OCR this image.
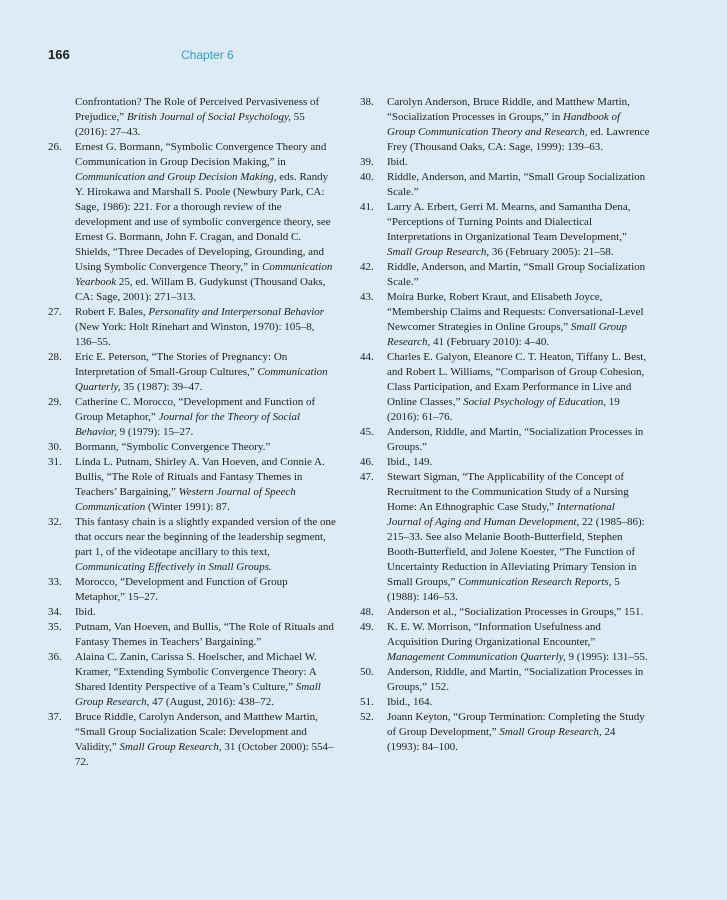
166	Chapter 6

Confrontation? The Role of Perceived Pervasiveness of Prejudice,” British Journal of Social Psychology, 55 (2016): 27–43.

26. Ernest G. Bormann, “Symbolic Convergence Theory and Communication in Group Decision Making,” in Communication and Group Decision Making, eds. Randy Y. Hirokawa and Marshall S. Poole (Newbury Park, CA: Sage, 1986): 221. For a thorough review of the development and use of symbolic convergence theory, see Ernest G. Bormann, John F. Cragan, and Donald C. Shields, “Three Decades of Developing, Grounding, and Using Symbolic Convergence Theory,” in Communication Yearbook 25, ed. Willam B. Gudykunst (Thousand Oaks, CA: Sage, 2001): 271–313.

27. Robert F. Bales, Personality and Interpersonal Behavior (New York: Holt Rinehart and Winston, 1970): 105–8, 136–55.

28. Eric E. Peterson, “The Stories of Pregnancy: On Interpretation of Small-Group Cultures,” Communication Quarterly, 35 (1987): 39–47.

29. Catherine C. Morocco, “Development and Function of Group Metaphor,” Journal for the Theory of Social Behavior, 9 (1979): 15–27.

30. Bormann, “Symbolic Convergence Theory.”

31. Linda L. Putnam, Shirley A. Van Hoeven, and Connie A. Bullis, “The Role of Rituals and Fantasy Themes in Teachers’ Bargaining,” Western Journal of Speech Communication (Winter 1991): 87.

32. This fantasy chain is a slightly expanded version of the one that occurs near the beginning of the leadership segment, part 1, of the videotape ancillary to this text, Communicating Effectively in Small Groups.

33. Morocco, “Development and Function of Group Metaphor,” 15–27.

34. Ibid.

35. Putnam, Van Hoeven, and Bullis, “The Role of Rituals and Fantasy Themes in Teachers’ Bargaining.”

36. Alaina C. Zanin, Carissa S. Hoelscher, and Michael W. Kramer, “Extending Symbolic Convergence Theory: A Shared Identity Perspective of a Team’s Culture,” Small Group Research, 47 (August, 2016): 438–72.

37. Bruce Riddle, Carolyn Anderson, and Matthew Martin, “Small Group Socialization Scale: Development and Validity,” Small Group Research, 31 (October 2000): 554–72.

38. Carolyn Anderson, Bruce Riddle, and Matthew Martin, “Socialization Processes in Groups,” in Handbook of Group Communication Theory and Research, ed. Lawrence Frey (Thousand Oaks, CA: Sage, 1999): 139–63.

39. Ibid.

40. Riddle, Anderson, and Martin, “Small Group Socialization Scale.”

41. Larry A. Erbert, Gerri M. Mearns, and Samantha Dena, “Perceptions of Turning Points and Dialectical Interpretations in Organizational Team Development,” Small Group Research, 36 (February 2005): 21–58.

42. Riddle, Anderson, and Martin, “Small Group Socialization Scale.”

43. Moira Burke, Robert Kraut, and Elisabeth Joyce, “Membership Claims and Requests: Conversational-Level Newcomer Strategies in Online Groups,” Small Group Research, 41 (February 2010): 4–40.

44. Charles E. Galyon, Eleanore C. T. Heaton, Tiffany L. Best, and Robert L. Williams, “Comparison of Group Cohesion, Class Participation, and Exam Performance in Live and Online Classes,” Social Psychology of Education, 19 (2016): 61–76.

45. Anderson, Riddle, and Martin, “Socialization Processes in Groups.”

46. Ibid., 149.

47. Stewart Sigman, “The Applicability of the Concept of Recruitment to the Communication Study of a Nursing Home: An Ethnographic Case Study,” International Journal of Aging and Human Development, 22 (1985–86): 215–33. See also Melanie Booth-Butterfield, Stephen Booth-Butterfield, and Jolene Koester, “The Function of Uncertainty Reduction in Alleviating Primary Tension in Small Groups,” Communication Research Reports, 5 (1988): 146–53.

48. Anderson et al., “Socialization Processes in Groups,” 151.

49. K. E. W. Morrison, “Information Usefulness and Acquisition During Organizational Encounter,” Management Communication Quarterly, 9 (1995): 131–55.

50. Anderson, Riddle, and Martin, “Socialization Processes in Groups,” 152.

51. Ibid., 164.

52. Joann Keyton, “Group Termination: Completing the Study of Group Development,” Small Group Research, 24 (1993): 84–100.
